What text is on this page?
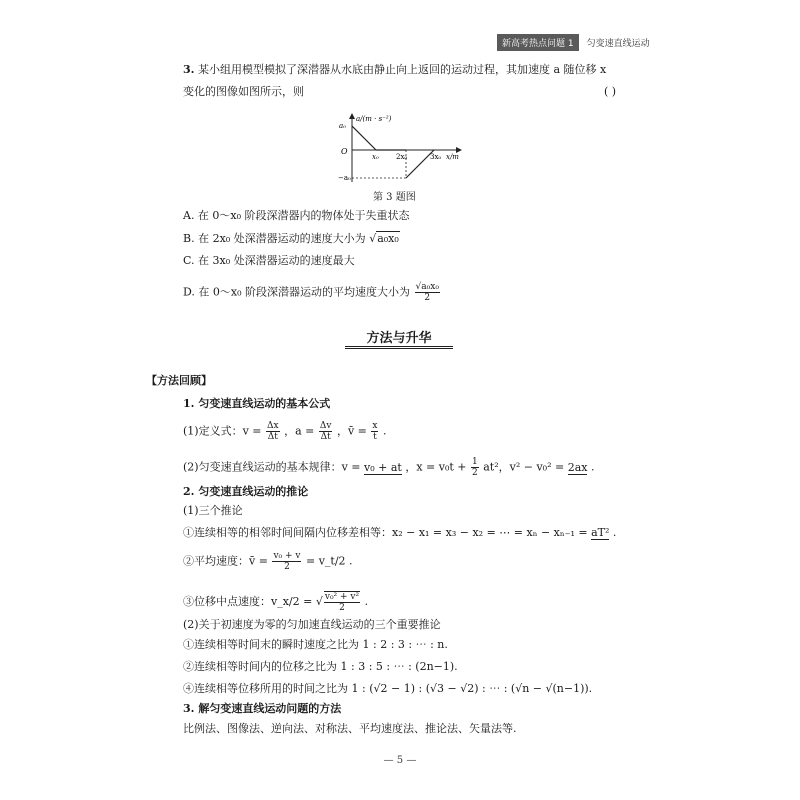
新高考热点问题 1	匀变速直线运动
3. 某小组用模型模拟了深潜器从水底由静止向上返回的运动过程，其加速度 a 随位移 x
变化的图像如图所示，则	( )
a/(m · s⁻²)
a₀
O
−a₀
x₀ 2x₀	3x₀ x/m
第 3 题图
A. 在 0～x₀ 阶段深潜器内的物体处于失重状态
B. 在 2x₀ 处深潜器运动的速度大小为 √a₀x₀
C. 在 3x₀ 处深潜器运动的速度最大
D. 在 0～x₀ 阶段深潜器运动的平均速度大小为 $\frac{\text{√a₀x₀}}{2}$
方法与升华
【方法回顾】
1. 匀变速直线运动的基本公式
(1)定义式：$v = \frac{\Delta x}{\Delta t}$ ，$a = \frac{\Delta v}{\Delta t}$ ，v̄ = $\frac{x}{t}$ .
(2)匀变速直线运动的基本规律：v = v₀ + at ，$x = v_0t + \frac{1}{2} at^2$，v² − v₀² = 2ax .
2. 匀变速直线运动的推论
(1)三个推论
①连续相等的相邻时间间隔内位移差相等：x₂ − x₁ = x₃ − x₂ = ⋯ = xₙ − xₙ₋₁ = aT² .
②平均速度：v̄ = $\frac{\text{v₀ + v}}{2}$ = v_t/2 .
③位移中点速度：v_x/2 = √ $\frac{\text{v₀² + v²}}{2}$ .
(2)关于初速度为零的匀加速直线运动的三个重要推论
①连续相等时间末的瞬时速度之比为 1 : 2 : 3 : ⋯ : n.
②连续相等时间内的位移之比为 1 : 3 : 5 : ⋯ : (2n−1).
④连续相等位移所用的时间之比为 1 : (√2 − 1) : (√3 − √2) : ⋯ : (√n − √(n−1)).
3. 解匀变速直线运动问题的方法
比例法、图像法、逆向法、对称法、平均速度法、推论法、矢量法等.
— 5 —
